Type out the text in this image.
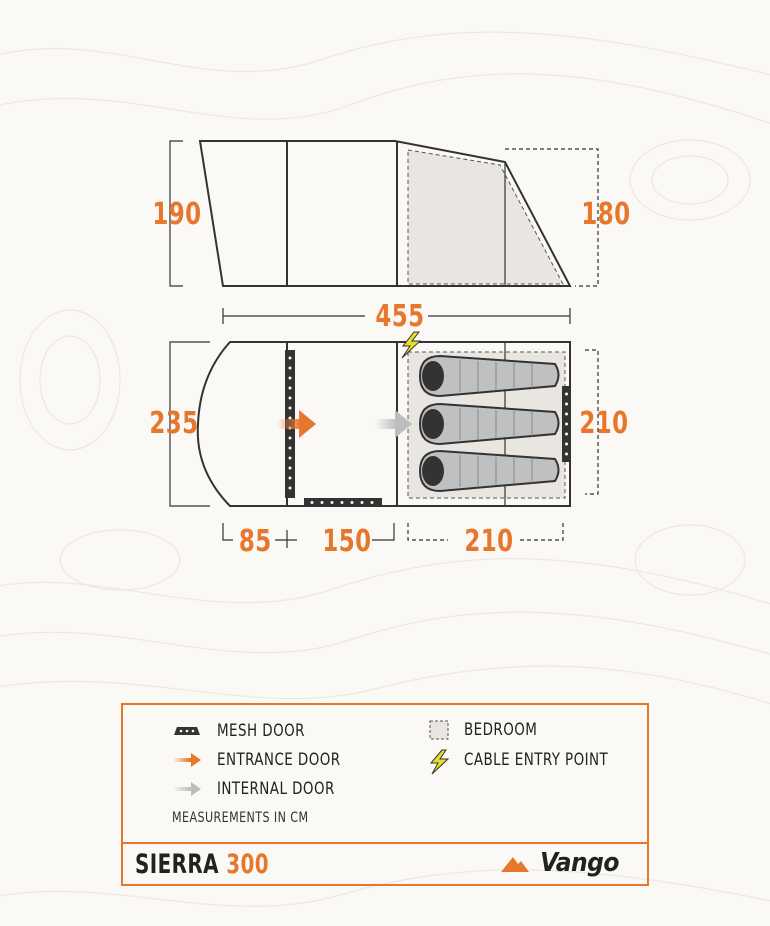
190	180
455
235	210
85 150	210
MESH DOOR
ENTRANCE DOOR
INTERNAL DOOR
MEASUREMENTS IN CM
BEDROOM
CABLE ENTRY POINT
SIERRA 300	Vango
